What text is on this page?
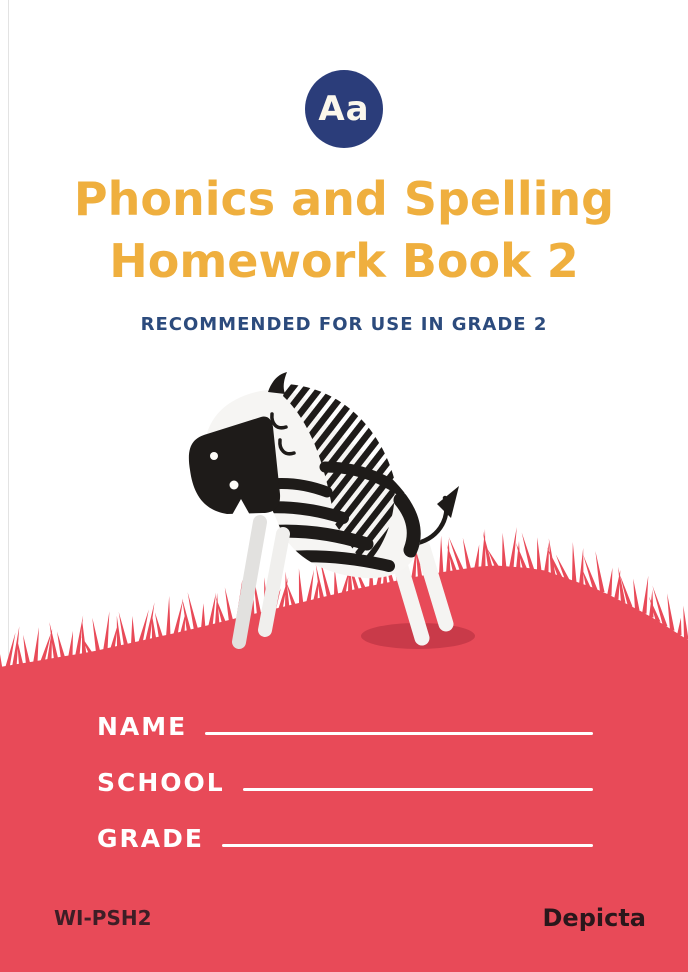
Aa
Phonics and Spelling
Homework Book 2
RECOMMENDED FOR USE IN GRADE 2
NAME
SCHOOL
GRADE
WI-PSH2	Depicta
